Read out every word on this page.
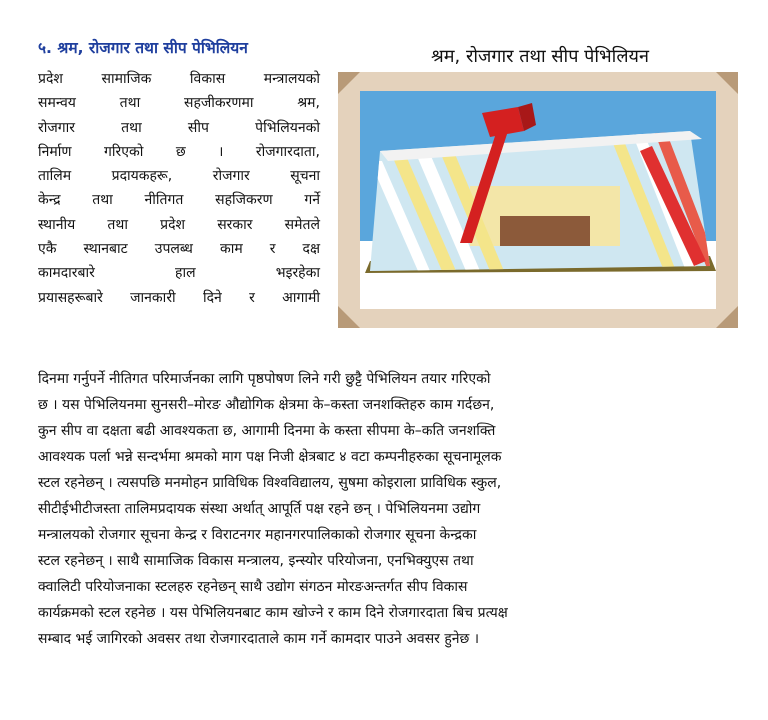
५. श्रम, रोजगार तथा सीप पेभिलियन

प्रदेश सामाजिक विकास मन्त्रालयको

समन्वय तथा सहजीकरणमा श्रम,

रोजगार तथा सीप पेभिलियनको

निर्माण गरिएको छ । रोजगारदाता,

तालिम प्रदायकहरू, रोजगार सूचना

केन्द्र तथा नीतिगत सहजिकरण गर्ने

स्थानीय तथा प्रदेश सरकार समेतले

एकै स्थानबाट उपलब्ध काम र दक्ष

कामदारबारे हाल भइरहेका

प्रयासहरूबारे जानकारी दिने र आगामी

श्रम, रोजगार तथा सीप पेभिलियन

दिनमा गर्नुपर्ने नीतिगत परिमार्जनका लागि पृष्ठपोषण लिने गरी छुट्टै पेभिलियन तयार गरिएको

छ । यस पेभिलियनमा सुनसरी–मोरङ औद्योगिक क्षेत्रमा के–कस्ता जनशक्तिहरु काम गर्दछन,

कुन सीप वा दक्षता बढी आवश्यकता छ, आगामी दिनमा के कस्ता सीपमा के–कति जनशक्ति

आवश्यक पर्ला भन्ने सन्दर्भमा श्रमको माग पक्ष निजी क्षेत्रबाट ४ वटा कम्पनीहरुका सूचनामूलक

स्टल रहनेछन् । त्यसपछि मनमोहन प्राविधिक विश्वविद्यालय, सुषमा कोइराला प्राविधिक स्कुल,

सीटीईभीटीजस्ता तालिमप्रदायक संस्था अर्थात् आपूर्ति पक्ष रहने छन् । पेभिलियनमा उद्योग

मन्त्रालयको रोजगार सूचना केन्द्र र विराटनगर महानगरपालिकाको रोजगार सूचना केन्द्रका

स्टल रहनेछन् । साथै सामाजिक विकास मन्त्रालय, इन्स्योर परियोजना, एनभिक्युएस तथा

क्वालिटी परियोजनाका स्टलहरु रहनेछन् साथै उद्योग संगठन मोरङअन्तर्गत सीप विकास

कार्यक्रमको स्टल रहनेछ । यस पेभिलियनबाट काम खोज्ने र काम दिने रोजगारदाता बिच प्रत्यक्ष

सम्बाद भई जागिरको अवसर तथा रोजगारदाताले काम गर्ने कामदार पाउने अवसर हुनेछ ।
